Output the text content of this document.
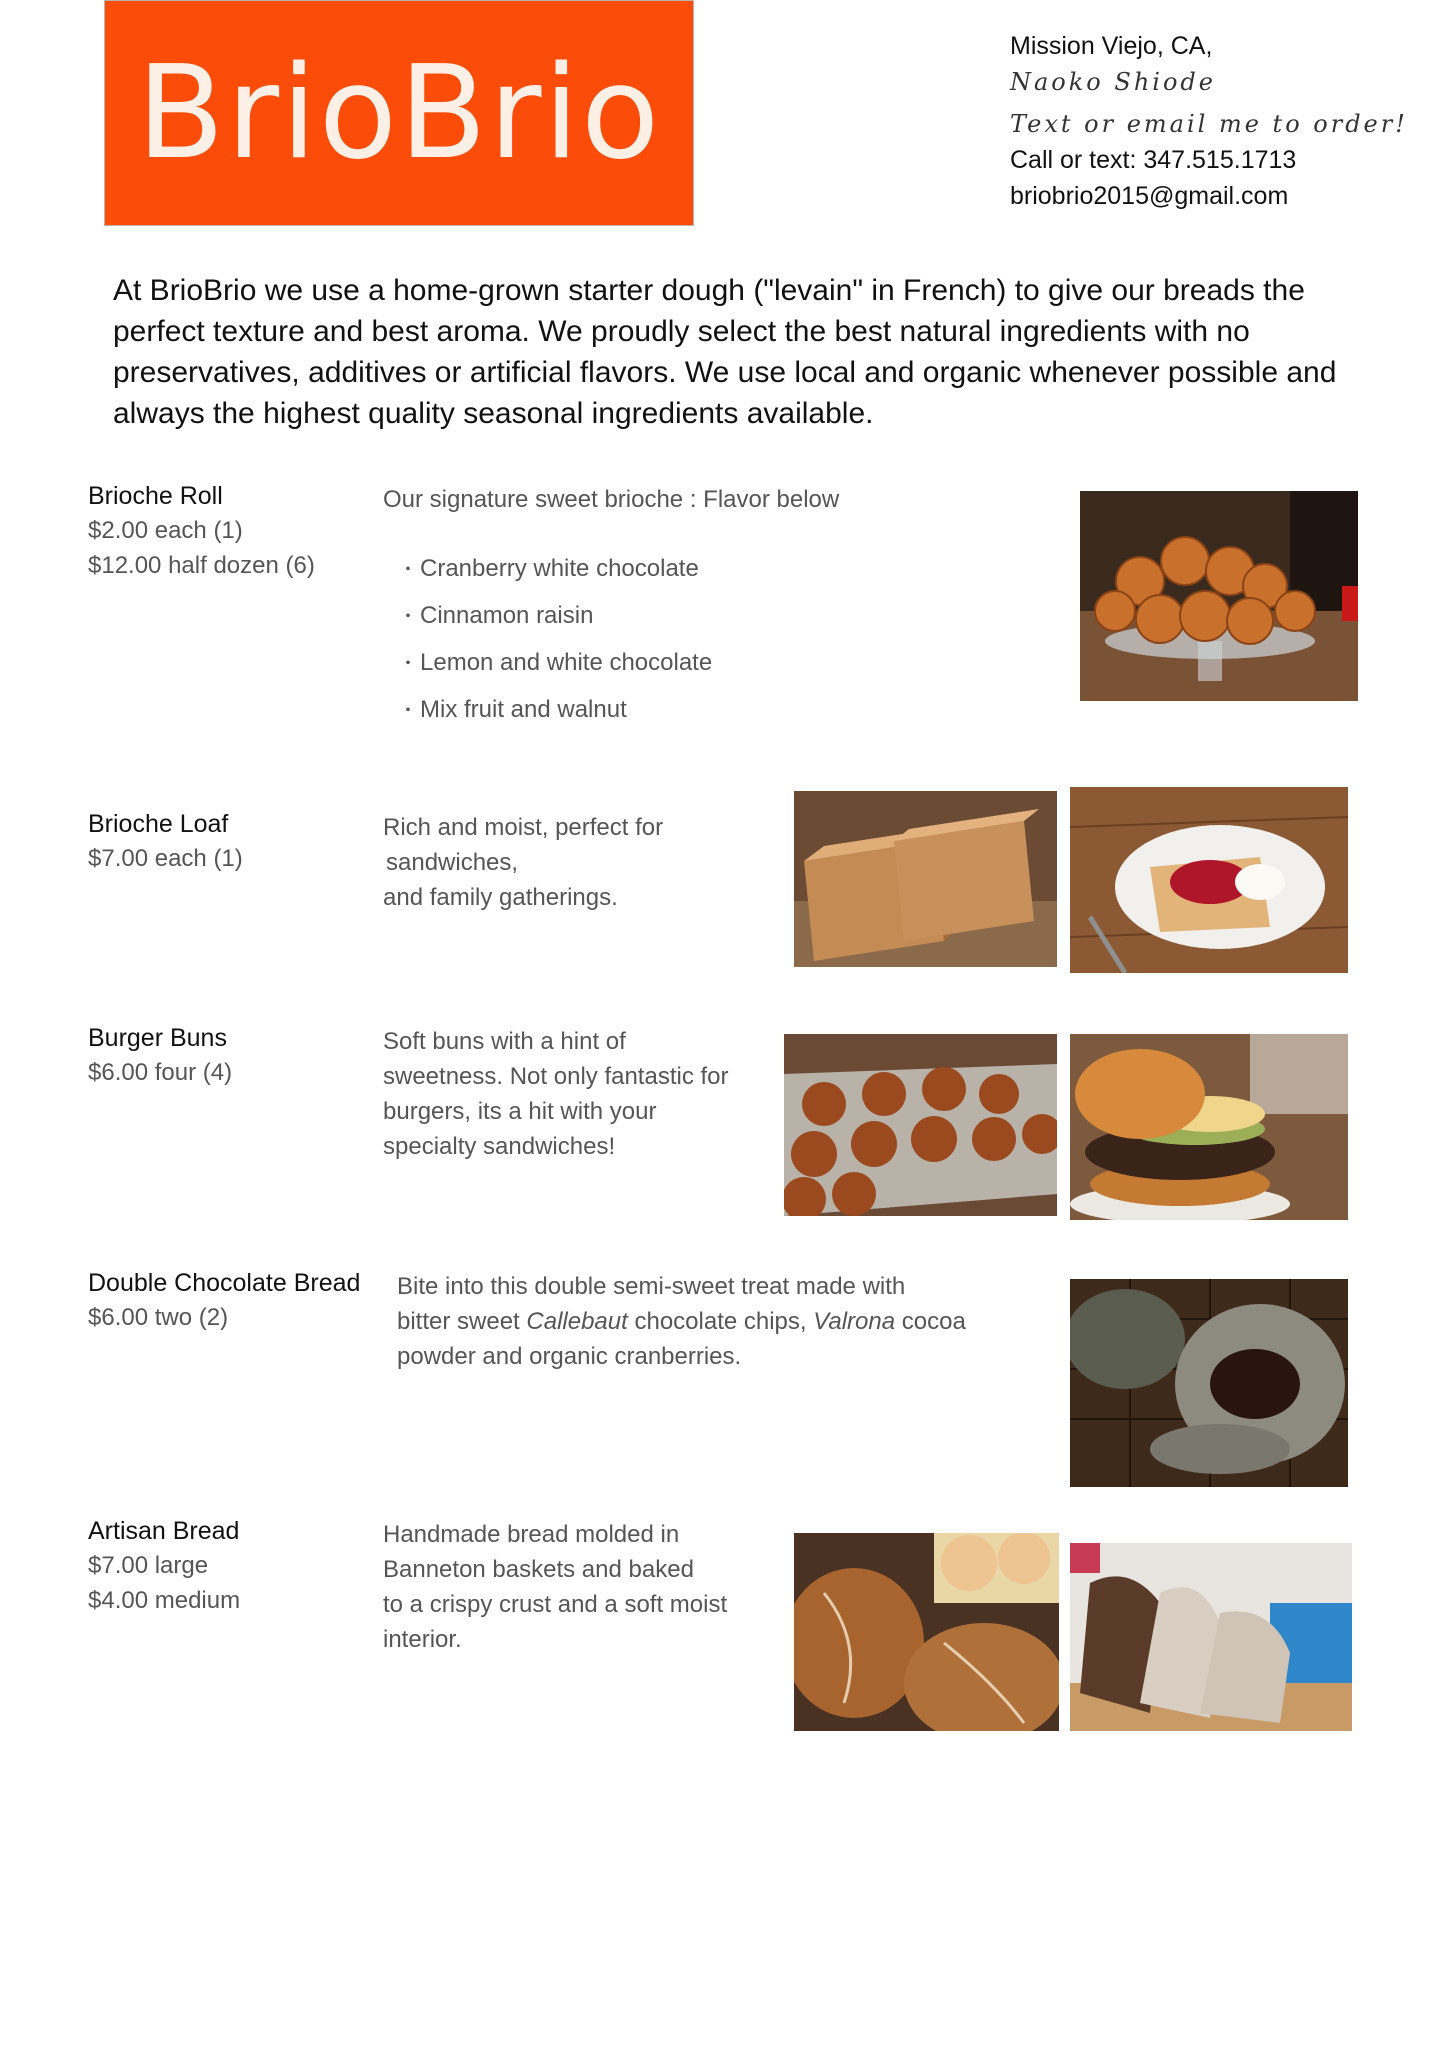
BrioBrio	Mission Viejo, CA,
Naoko Shiode
Text or email me to order!
Call or text: 347.515.1713
briobrio2015@gmail.com

At BrioBrio we use a home-grown starter dough ("levain" in French) to give our breads the perfect texture and best aroma. We proudly select the best natural ingredients with no preservatives, additives or artificial flavors. We use local and organic whenever possible and always the highest quality seasonal ingredients available.

Brioche Roll
$2.00 each (1)
$12.00 half dozen (6)

Our signature sweet brioche : Flavor below

・ Cranberry white chocolate
・ Cinnamon raisin
・ Lemon and white chocolate
・ Mix fruit and walnut
Brioche Loaf
$7.00 each (1)
Rich and moist, perfect for
sandwiches,
and family gatherings.
Burger Buns
$6.00 four (4)
Soft buns with a hint of
sweetness. Not only fantastic for
burgers, its a hit with your
specialty sandwiches!
Double Chocolate Bread
$6.00 two (2)
Bite into this double semi-sweet treat made with
bitter sweet Callebaut chocolate chips, Valrona cocoa
powder and organic cranberries.
Artisan Bread
$7.00 large
$4.00 medium
Handmade bread molded in
Banneton baskets and baked
to a crispy crust and a soft moist
interior.
